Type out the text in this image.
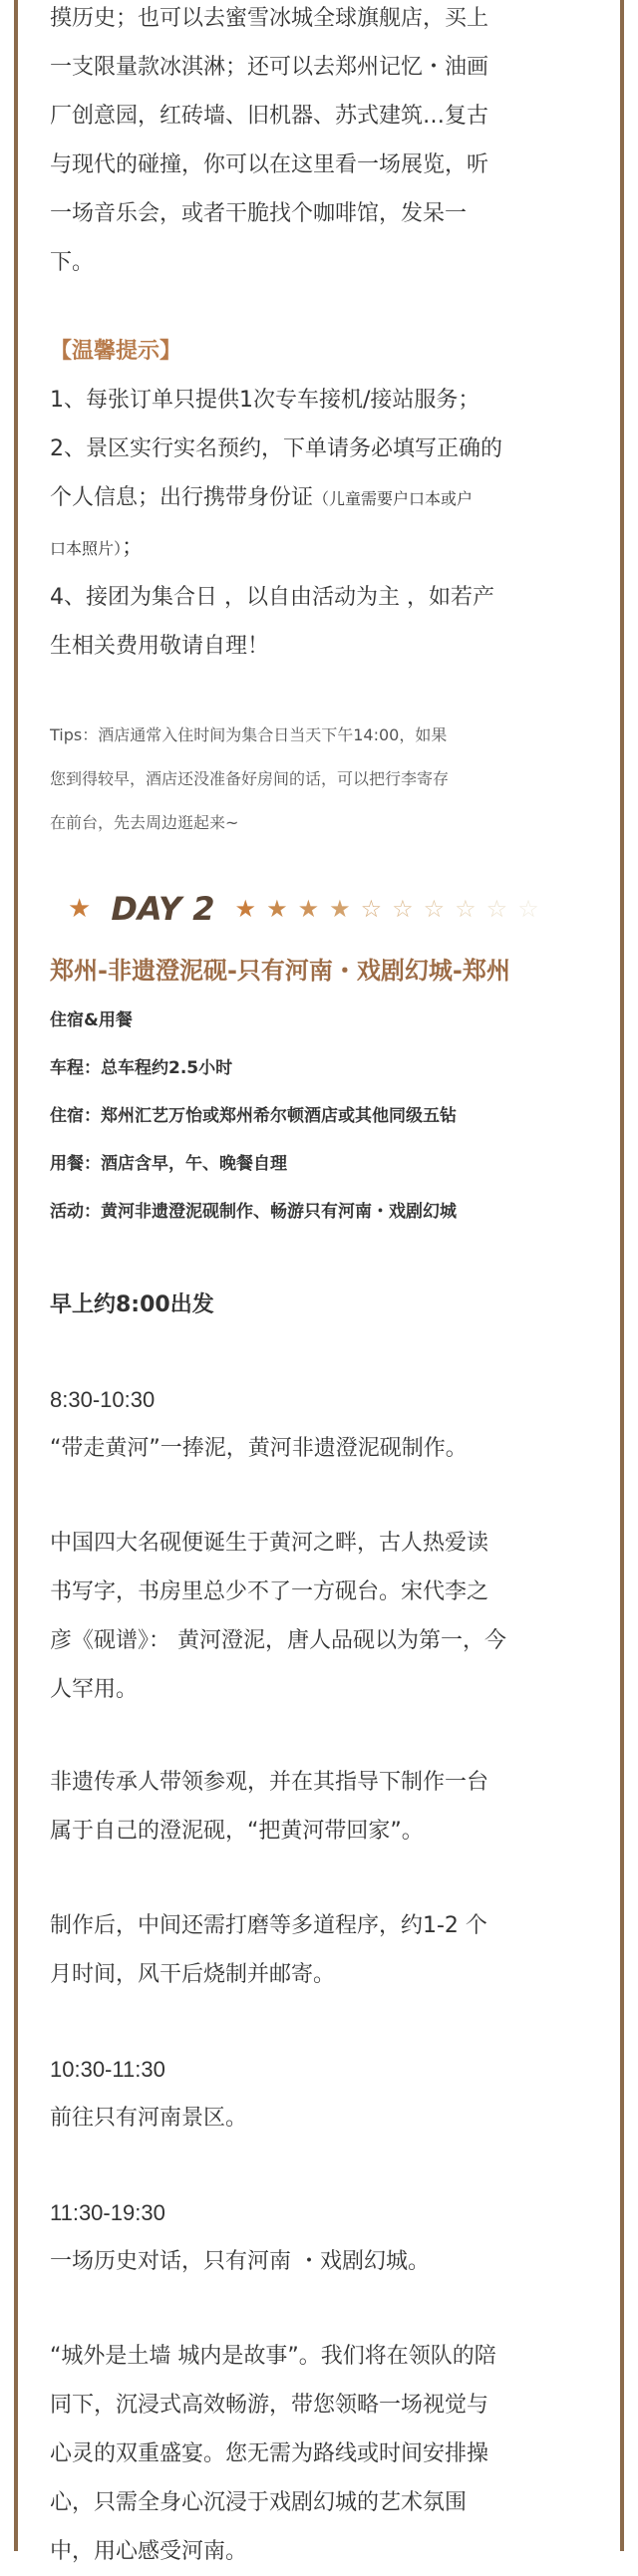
摸历史；也可以去蜜雪冰城全球旗舰店，买上
一支限量款冰淇淋；还可以去郑州记忆・油画
厂创意园，红砖墙、旧机器、苏式建筑…复古
与现代的碰撞，你可以在这里看一场展览，听
一场音乐会，或者干脆找个咖啡馆，发呆一
下。
【温馨提示】
1、每张订单只提供1次专车接机/接站服务；
2、景区实行实名预约，下单请务必填写正确的
个人信息；出行携带身份证（儿童需要户口本或户
口本照片）；
4、接团为集合日 ，以自由活动为主 ，如若产
生相关费用敬请自理！
Tips：酒店通常入住时间为集合日当天下午14:00，如果
您到得较早，酒店还没准备好房间的话，可以把行李寄存
在前台，先去周边逛起来~
★ DAY 2 ★ ★ ★ ★ ☆ ☆ ☆ ☆ ☆ ☆
郑州-非遗澄泥砚-只有河南・戏剧幻城-郑州
住宿&用餐
车程：总车程约2.5小时
住宿：郑州汇艺万怡或郑州希尔顿酒店或其他同级五钻
用餐：酒店含早，午、晚餐自理
活动：黄河非遗澄泥砚制作、畅游只有河南・戏剧幻城
早上约8:00出发
8:30-10:30
“带走黄河”一捧泥，黄河非遗澄泥砚制作。
中国四大名砚便诞生于黄河之畔，古人热爱读
书写字，书房里总少不了一方砚台。宋代李之
彦《砚谱》： 黄河澄泥，唐人品砚以为第一，今
人罕用。
非遗传承人带领参观，并在其指导下制作一台
属于自己的澄泥砚，“把黄河带回家”。
制作后，中间还需打磨等多道程序，约1-2 个
月时间，风干后烧制并邮寄。
10:30-11:30
前往只有河南景区。
11:30-19:30
一场历史对话，只有河南 ・戏剧幻城。
“城外是土墙 城内是故事”。我们将在领队的陪
同下，沉浸式高效畅游，带您领略一场视觉与
心灵的双重盛宴。您无需为路线或时间安排操
心，只需全身心沉浸于戏剧幻城的艺术氛围
中，用心感受河南。
